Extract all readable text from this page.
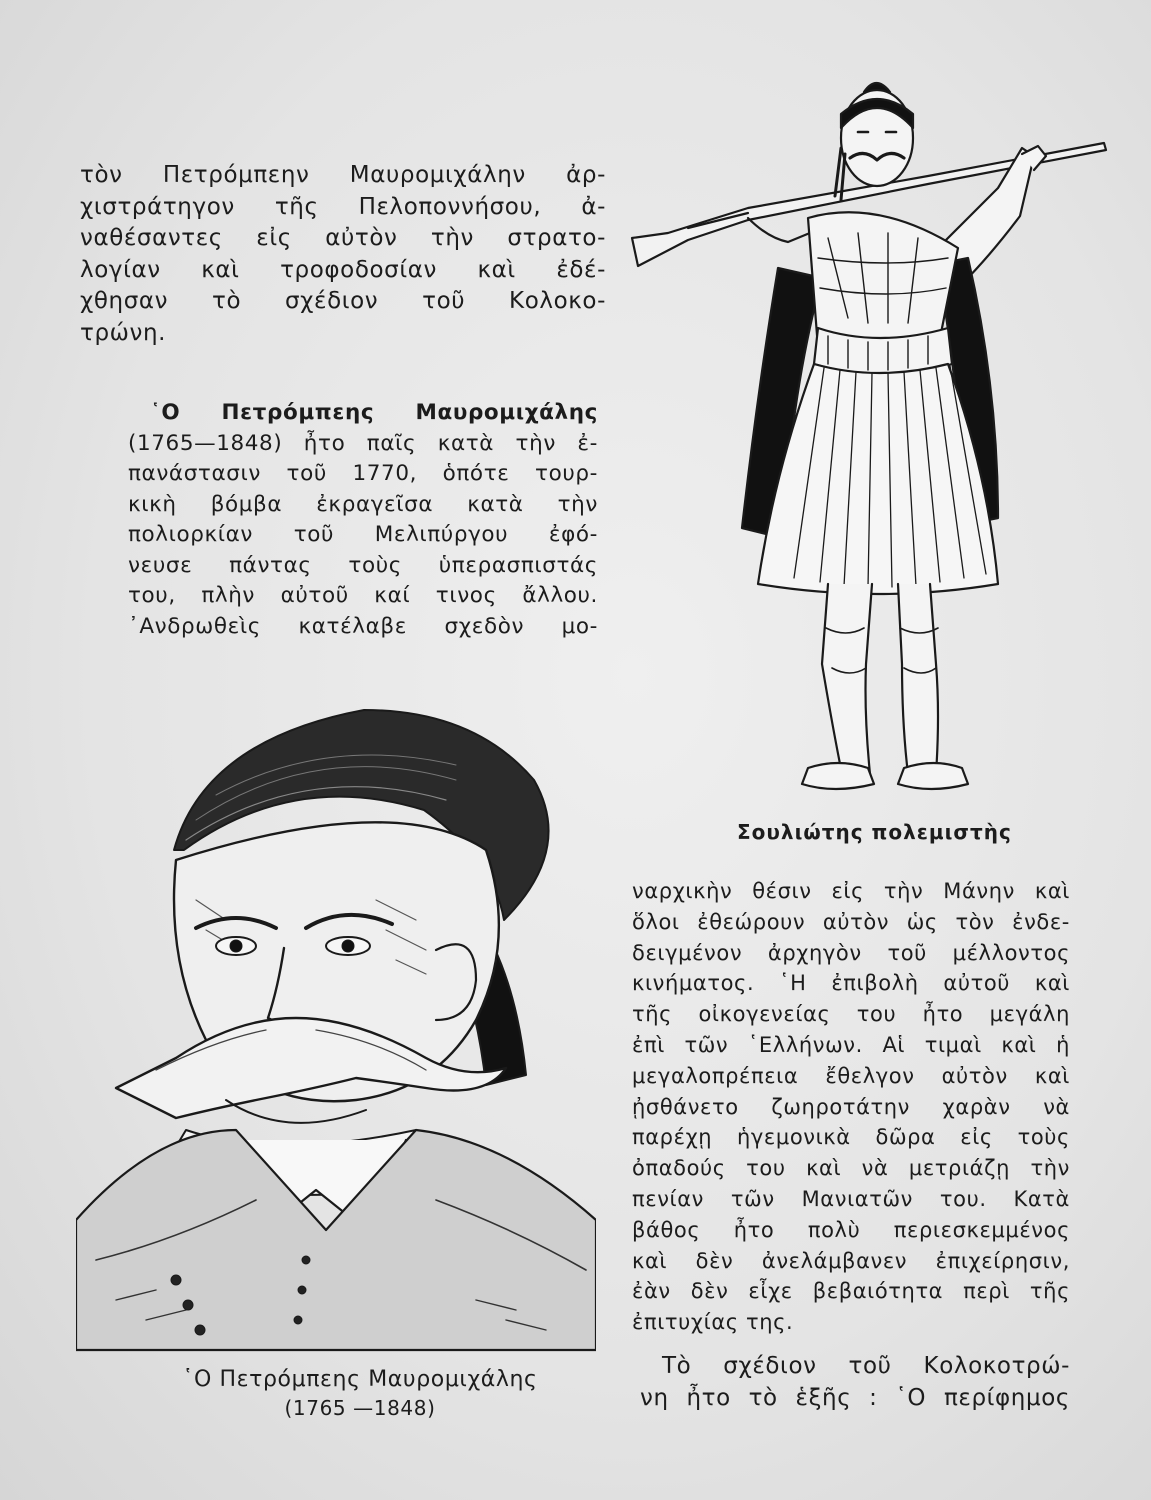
τὸν Πετρόμπεην Μαυρομιχάλην ἀρ-
χιστράτηγον τῆς Πελοποννήσου, ἀ-
ναθέσαντες εἰς αὐτὸν τὴν στρατο-
λογίαν καὶ τροφοδοσίαν καὶ ἐδέ-
χθησαν τὸ σχέδιον τοῦ Κολοκο-
τρώνη.
῾Ο Πετρόμπεης Μαυρομιχάλης
(1765—1848) ἦτο παῖς κατὰ τὴν ἐ-
πανάστασιν τοῦ 1770, ὁπότε τουρ-
κικὴ βόμβα ἐκραγεῖσα κατὰ τὴν
πολιορκίαν τοῦ Μελιπύργου ἐφό-
νευσε πάντας τοὺς ὑπερασπιστάς
του, πλὴν αὐτοῦ καί τινος ἄλλου.
᾿Ανδρωθεὶς κατέλαβε σχεδὸν μο-
Σουλιώτης πολεμιστὴς
῾Ο Πετρόμπεης Μαυρομιχάλης
(1765 —1848)
ναρχικὴν θέσιν εἰς τὴν Μάνην καὶ
ὅλοι ἐθεώρουν αὐτὸν ὡς τὸν ἐνδε-
δειγμένον ἀρχηγὸν τοῦ μέλλοντος
κινήματος. ῾Η ἐπιβολὴ αὐτοῦ καὶ
τῆς οἰκογενείας του ἦτο μεγάλη
ἐπὶ τῶν ῾Ελλήνων. Αἱ τιμαὶ καὶ ἡ
μεγαλοπρέπεια ἔθελγον αὐτὸν καὶ
ᾐσθάνετο ζωηροτάτην χαρὰν νὰ
παρέχῃ ἡγεμονικὰ δῶρα εἰς τοὺς
ὀπαδούς του καὶ νὰ μετριάζῃ τὴν
πενίαν τῶν Μανιατῶν του. Κατὰ
βάθος ἦτο πολὺ περιεσκεμμένος
καὶ δὲν ἀνελάμβανεν ἐπιχείρησιν,
ἐὰν δὲν εἶχε βεβαιότητα περὶ τῆς
ἐπιτυχίας της.
Τὸ σχέδιον τοῦ Κολοκοτρώ-
νη ἦτο τὸ ἑξῆς : ῾Ο περίφημος
